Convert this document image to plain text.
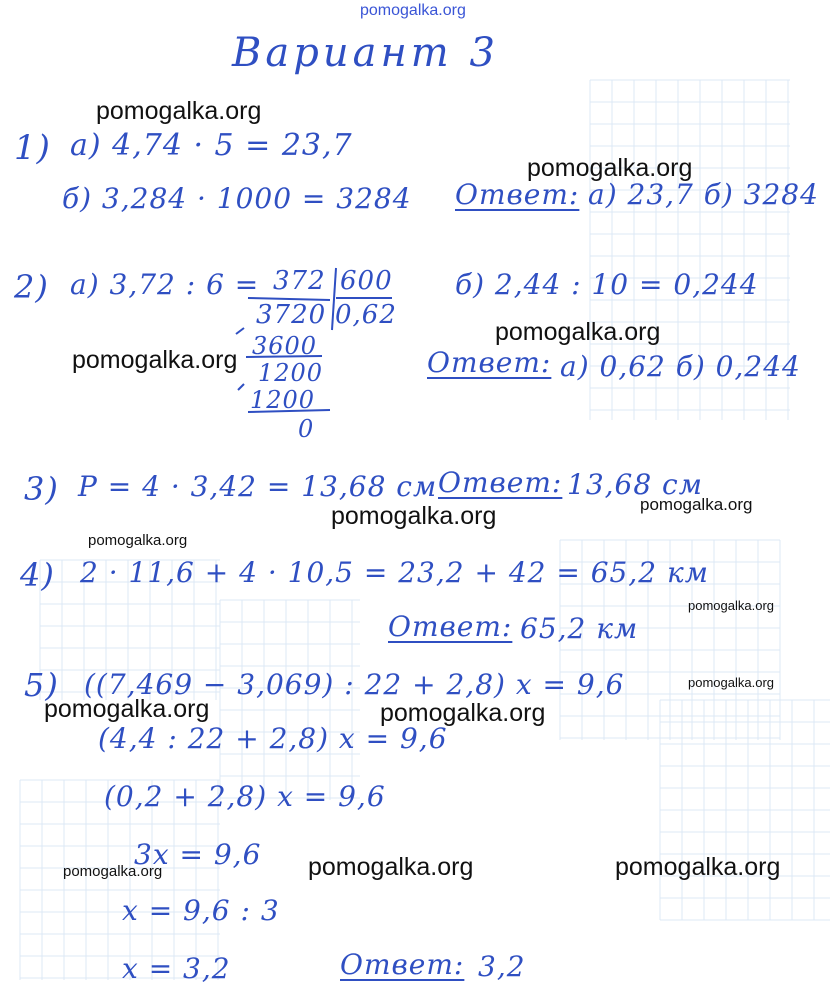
pomogalka.org
Вариант 3
1) а) 4,74 · 5 = 23,7
б) 3,284 · 1000 = 3284 Ответ: а) 23,7 б) 3284
2) а) 3,72 : 6 = 372 600
3720 0,62
3600
1200
1200
0
б) 2,44 : 10 = 0,244
Ответ: а) 0,62 б) 0,244
3) P = 4 · 3,42 = 13,68 см Ответ: 13,68 см
4) 2 · 11,6 + 4 · 10,5 = 23,2 + 42 = 65,2 км
Ответ: 65,2 км
5) ((7,469 − 3,069) : 22 + 2,8) x = 9,6
(4,4 : 22 + 2,8) x = 9,6
(0,2 + 2,8) x = 9,6
3x = 9,6
x = 9,6 : 3
x = 3,2	Ответ: 3,2
pomogalka.org
pomogalka.org
pomogalka.org
pomogalka.org
pomogalka.org	pomogalka.org
pomogalka.org
pomogalka.org
pomogalka.org
pomogalka.org	pomogalka.org
pomogalka.org	pomogalka.org	pomogalka.org
